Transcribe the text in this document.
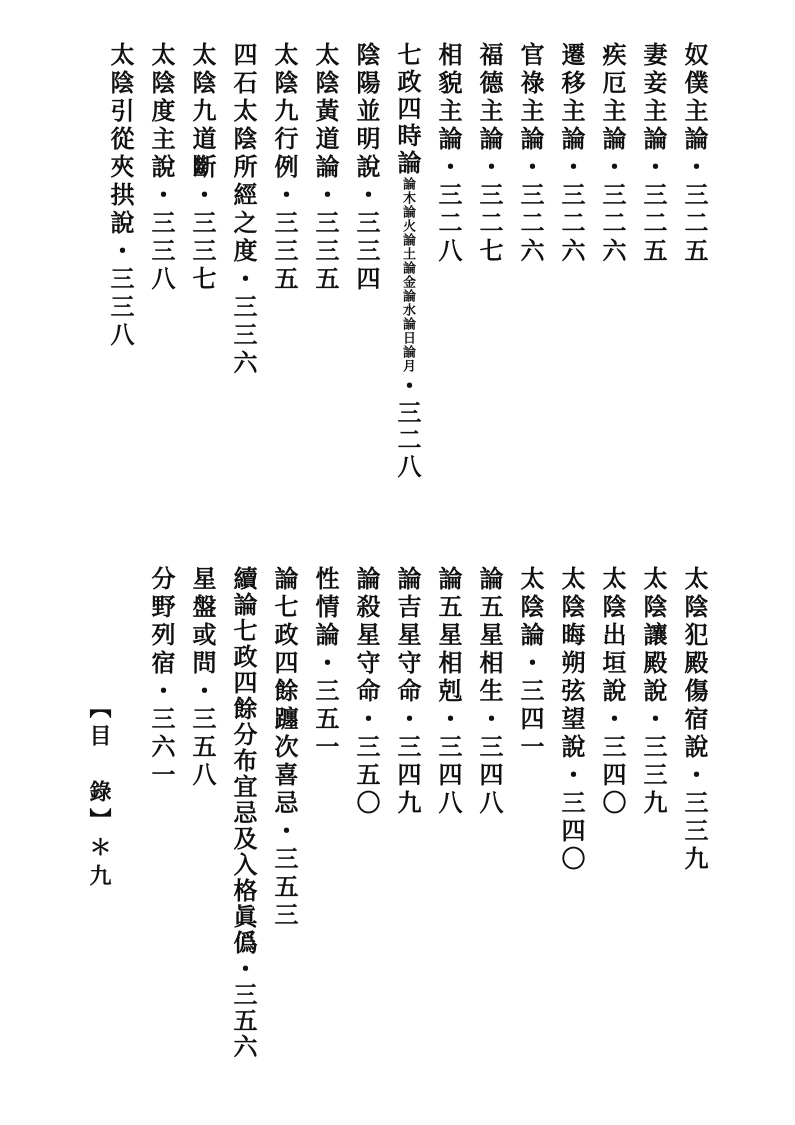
奴僕主論・三二五
妻妾主論・三二五
疾厄主論・三二六
遷移主論・三二六
官祿主論・三二六
福德主論・三二七
相貌主論・三二八
七政四時論論木論火論土論金論水論日論月・三二八
陰陽並明說・三三四
太陰黃道論・三三五
太陰九行例・三三五
四石太陰所經之度・三三六
太陰九道斷・三三七
太陰度主說・三三八
太陰引從夾拱說・三三八
太陰犯殿傷宿說・三三九
太陰讓殿說・三三九
太陰出垣說・三四〇
太陰晦朔弦望說・三四〇
太陰論・三四一
論五星相生・三四八
論五星相剋・三四八
論吉星守命・三四九
論殺星守命・三五〇
性情論・三五一
論七政四餘躔次喜忌・三五三
續論七政四餘分布宜忌及入格眞僞・三五六
星盤或問・三五八
分野列宿・三六一
【目　錄】＊九
